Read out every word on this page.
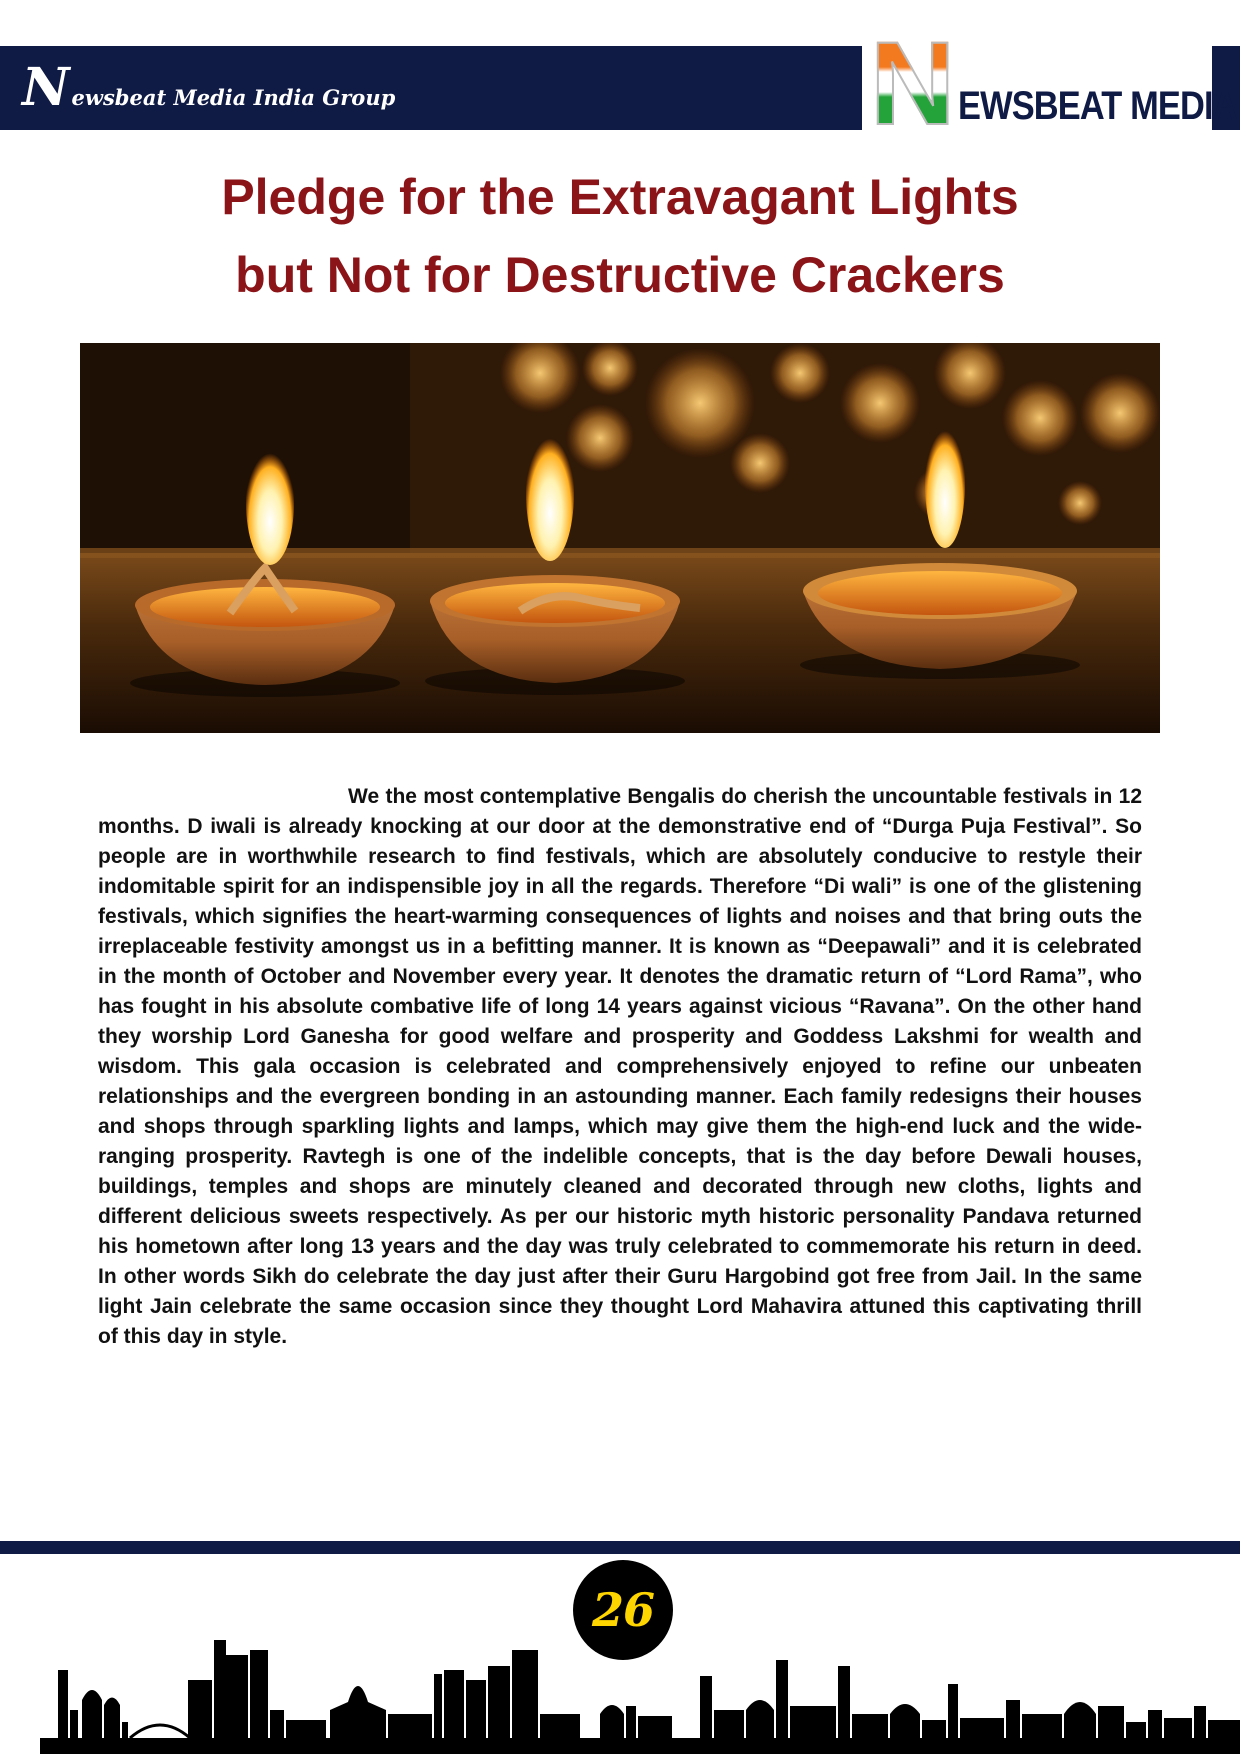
N ewsbeat Media India Group	N EWSBEAT MEDIA
Pledge for the Extravagant Lights
but Not for Destructive Crackers

We the most contemplative Bengalis do cherish the uncountable festivals in 12 months. D iwali is already knocking at our door at the demonstrative end of “Durga Puja Festival”. So people are in worthwhile research to find festivals, which are absolutely conducive to restyle their indomitable spirit for an indispensible joy in all the regards. Therefore “Di wali” is one of the glistening festivals, which signifies the heart-warming consequences of lights and noises and that bring outs the irreplaceable festivity amongst us in a befitting manner. It is known as “Deepawali” and it is celebrated in the month of October and November every year. It denotes the dramatic return of “Lord Rama”, who has fought in his absolute combative life of long 14 years against vicious “Ravana”. On the other hand they worship Lord Ganesha for good welfare and prosperity and Goddess Lakshmi for wealth and wisdom. This gala occasion is celebrated and comprehensively enjoyed to refine our unbeaten relationships and the evergreen bonding in an astounding manner. Each family redesigns their houses and shops through sparkling lights and lamps, which may give them the high-end luck and the wide-ranging prosperity. Ravtegh is one of the indelible concepts, that is the day before Dewali houses, buildings, temples and shops are minutely cleaned and decorated through new cloths, lights and different delicious sweets respectively. As per our historic myth historic personality Pandava returned his hometown after long 13 years and the day was truly celebrated to commemorate his return in deed. In other words Sikh do celebrate the day just after their Guru Hargobind got free from Jail. In the same light Jain celebrate the same occasion since they thought Lord Mahavira attuned this captivating thrill of this day in style.

26
